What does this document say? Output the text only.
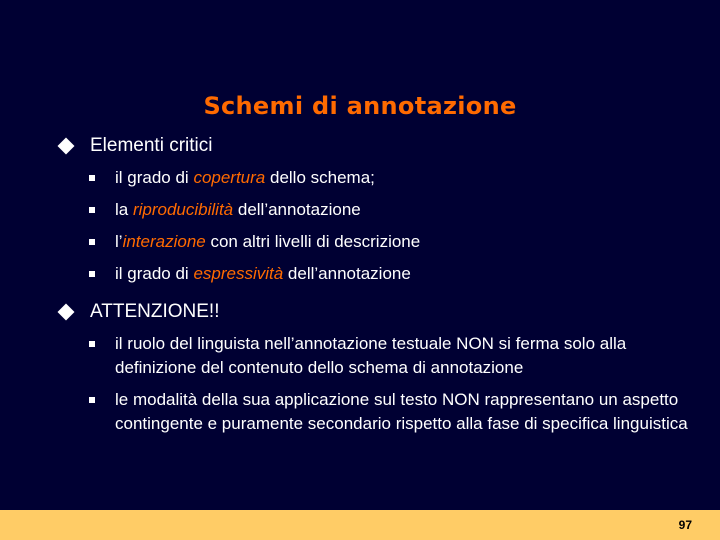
Schemi di annotazione
Elementi critici
il grado di copertura dello schema;
la riproducibilità dell’annotazione
l’interazione con altri livelli di descrizione
il grado di espressività dell’annotazione
ATTENZIONE!!
il ruolo del linguista nell’annotazione testuale NON si ferma solo alla definizione del contenuto dello schema di annotazione
le modalità della sua applicazione sul testo NON rappresentano un aspetto contingente e puramente secondario rispetto alla fase di specifica linguistica
97
